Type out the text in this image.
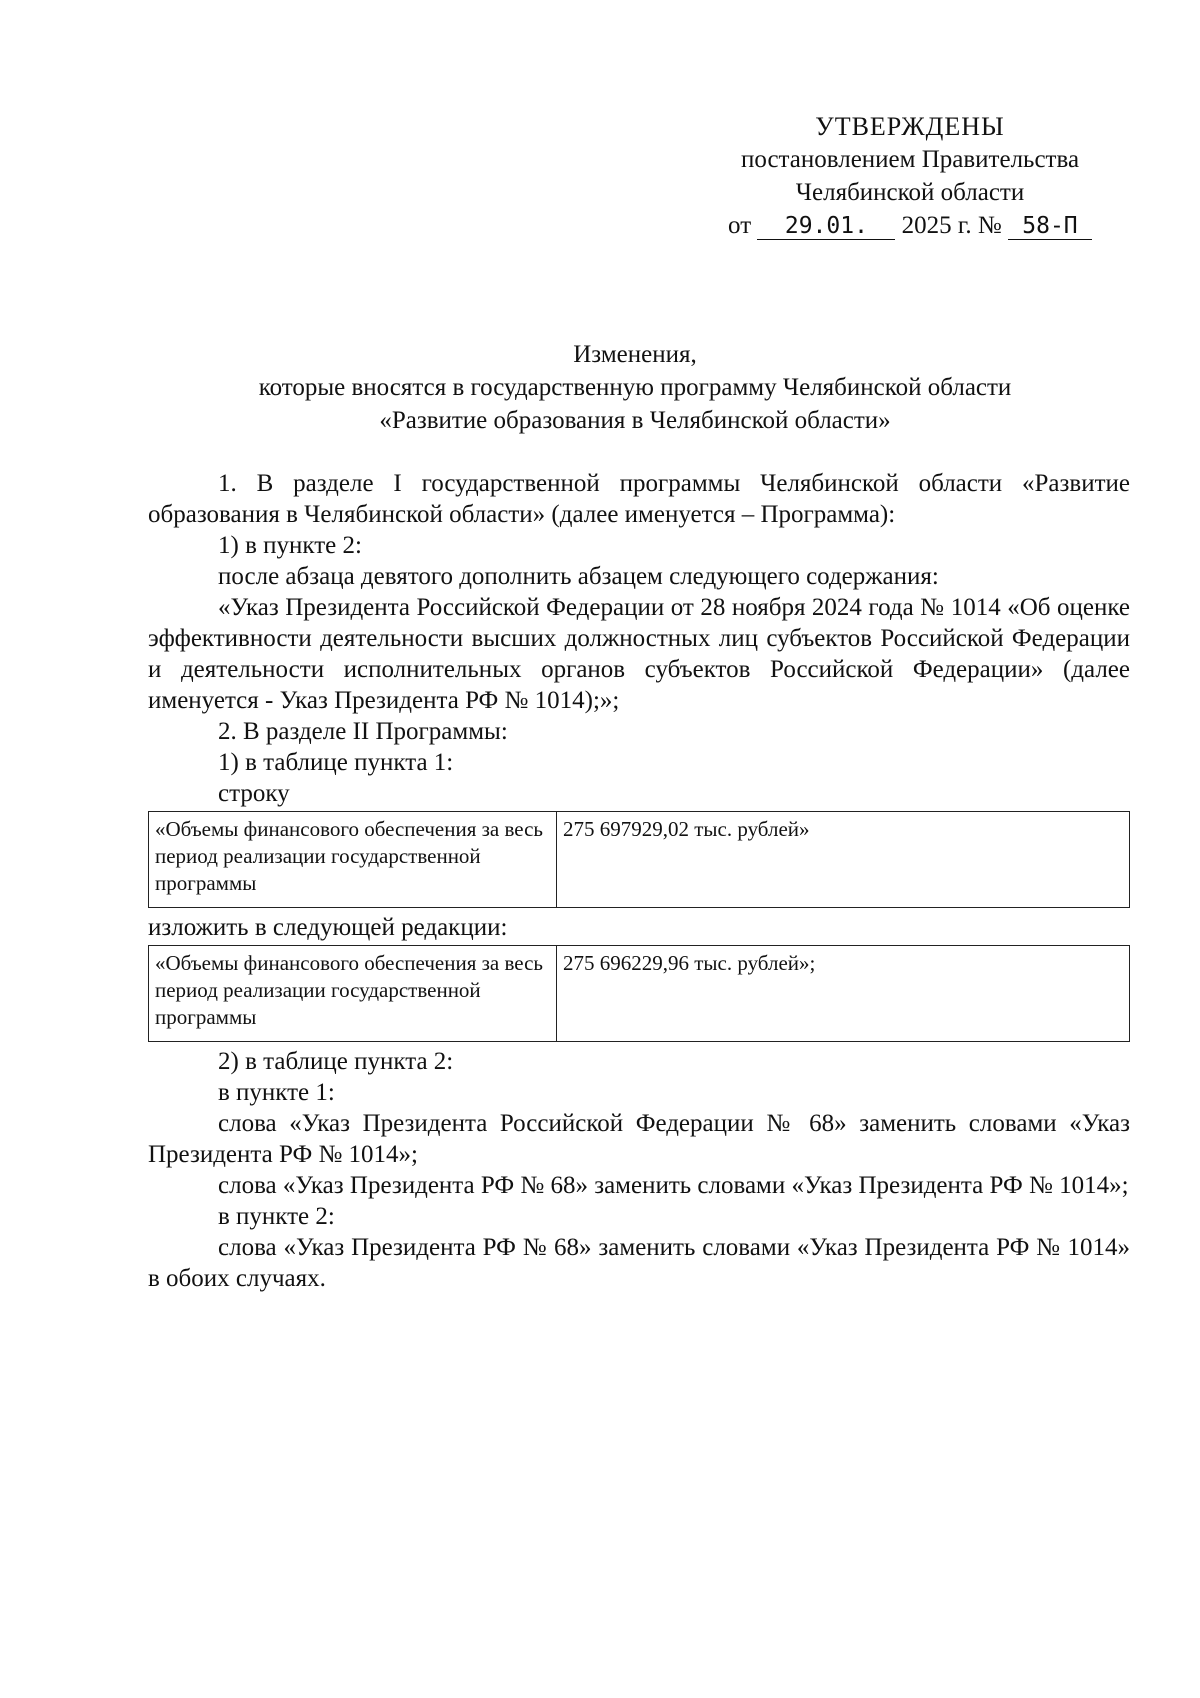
УТВЕРЖДЕНЫ
постановлением Правительства
Челябинской области
от 29.01. 2025 г. № 58-П
Изменения,
которые вносятся в государственную программу Челябинской области
«Развитие образования в Челябинской области»

1. В разделе I государственной программы Челябинской области «Развитие образования в Челябинской области» (далее именуется – Программа):

1) в пункте 2:

после абзаца девятого дополнить абзацем следующего содержания:

«Указ Президента Российской Федерации от 28 ноября 2024 года № 1014 «Об оценке эффективности деятельности высших должностных лиц субъектов Российской Федерации и деятельности исполнительных органов субъектов Российской Федерации» (далее именуется - Указ Президента РФ № 1014);»;

2. В разделе II Программы:

1) в таблице пункта 1:

строку

«Объемы финансового обеспечения за весь период реализации государственной программы	275 697929,02 тыс. рублей»

изложить в следующей редакции:

«Объемы финансового обеспечения за весь период реализации государственной программы	275 696229,96 тыс. рублей»;

2) в таблице пункта 2:

в пункте 1:

слова «Указ Президента Российской Федерации № 68» заменить словами «Указ Президента РФ № 1014»;

слова «Указ Президента РФ № 68» заменить словами «Указ Президента РФ № 1014»;

в пункте 2:

слова «Указ Президента РФ № 68» заменить словами «Указ Президента РФ № 1014» в обоих случаях.
